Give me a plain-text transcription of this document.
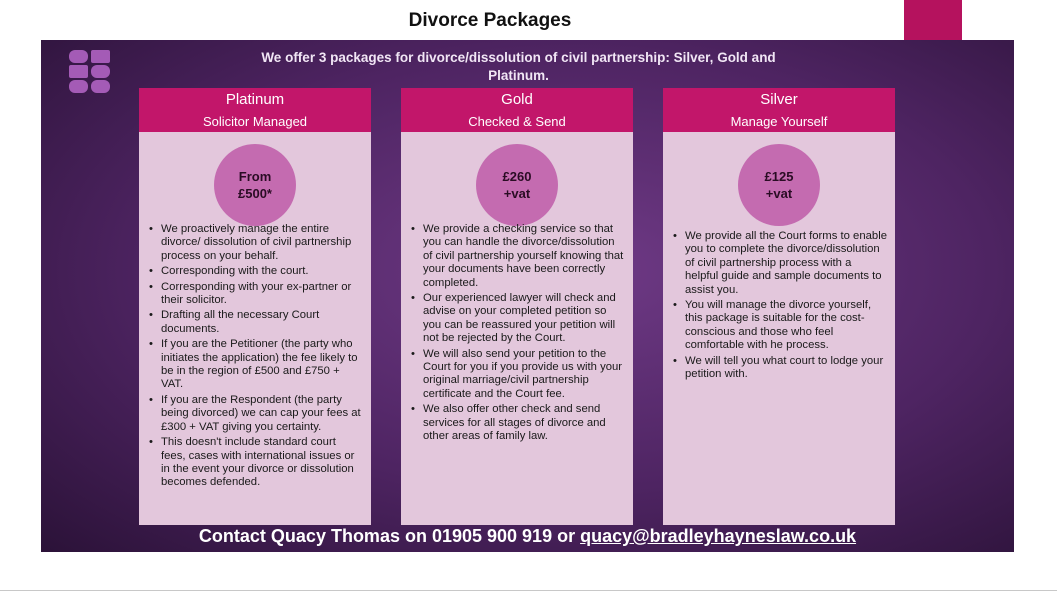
Divorce Packages
We offer 3 packages for divorce/dissolution of civil partnership: Silver, Gold and Platinum.
Platinum
Solicitor Managed
From
£500*
• We proactively manage the entire divorce/ dissolution of civil partnership process on your behalf.
• Corresponding with the court.
• Corresponding with your ex-partner or their solicitor.
• Drafting all the necessary Court documents.
• If you are the Petitioner (the party who initiates the application) the fee likely to be in the region of £500 and £750 + VAT.
• If you are the Respondent (the party being divorced) we can cap your fees at £300 + VAT giving you certainty.
• This doesn't include standard court fees, cases with international issues or in the event your divorce or dissolution becomes defended.
Gold
Checked & Send
£260
+vat
• We provide a checking service so that you can handle the divorce/dissolution of civil partnership yourself knowing that your documents have been correctly completed.
• Our experienced lawyer will check and advise on your completed petition so you can be reassured your petition will not be rejected by the Court.
• We will also send your petition to the Court for you if you provide us with your original marriage/civil partnership certificate and the Court fee.
• We also offer other check and send services for all stages of divorce and other areas of family law.
Silver
Manage Yourself
£125
+vat
• We provide all the Court forms to enable you to complete the divorce/dissolution of civil partnership process with a helpful guide and sample documents to assist you.
• You will manage the divorce yourself, this package is suitable for the cost-conscious and those who feel comfortable with he process.
• We will tell you what court to lodge your petition with.
Contact Quacy Thomas on 01905 900 919 or quacy@bradleyhayneslaw.co.uk
